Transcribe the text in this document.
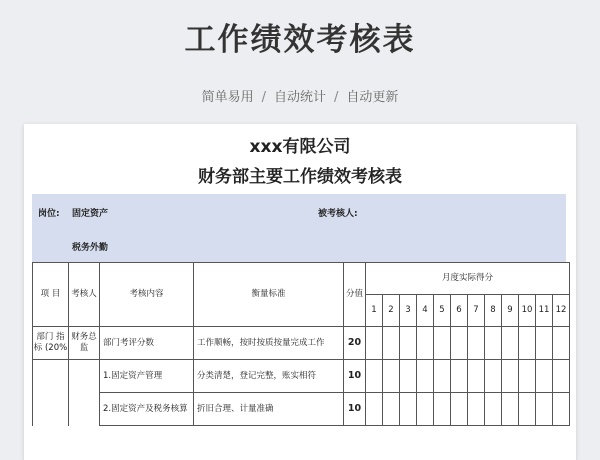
工作绩效考核表
简单易用 / 自动统计 / 自动更新
xxx有限公司
财务部主要工作绩效考核表
岗位: 固定资产	被考核人:
税务外勤
项 目	考核人	考核内容	衡量标准	分值	月度实际得分											
					1	2	3	4	5	6	7	8	9	10	11	12
部门 指标 (20%	财务总监	部门考评分数	工作顺畅，按时按质按量完成工作	20												
		1.固定资产管理	分类清楚，登记完整，账实相符	10												
		2.固定资产及税务核算	折旧合理、计量准确	10												
